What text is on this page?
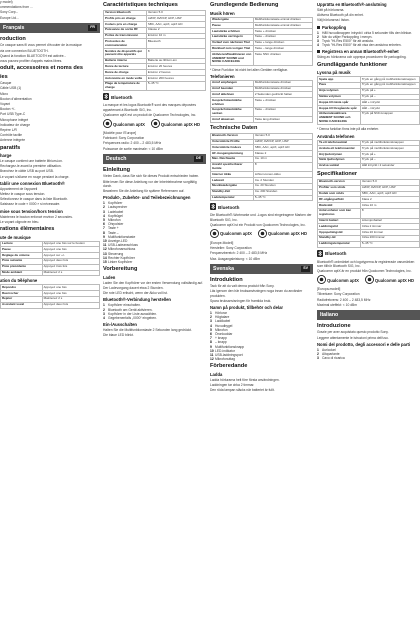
y model)
ommendations from ...
Sony Corp...
Europe Ltd...
Français	FR
roduction
Ce casque sans fil vous permet d'écouter de la musique
via une connexion BLUETOOTH.
Quand la fonction BLUETOOTH est activée...
vous pouvez profiter d'appels mains libres.
oduit, accessoires et noms des
ies
Casque
Câble USB (1)
Micro
Bouton d'alimentation
Voyant
Bouton +/-
Port USB Type-C
Microphone intégré
Indicateur de charge
Repère L/R
Contrôle tactile
Antenne intégrée
paratifs
harge
Le casque contient une batterie lithium-ion.
Rechargez-le avant la première utilisation.
Branchez le câble USB au port USB.
Le voyant s'allume en rouge pendant la charge.
tablir une connexion Bluetooth®
Appariement de l'appareil
Mettez le casque sous tension.
Sélectionnez le casque dans la liste Bluetooth.
Saisissez le code « 0000 » si nécessaire.
mise sous tension/hors tension
Maintenez le bouton enfoncé environ 2 secondes.
Le voyant clignote en bleu.
rations élémentaires
ute de musique
Lecture	Appuyez une fois sur le bouton
Pause	Appuyez une fois
Réglage du volume	Appuyez sur +/-
Piste suivante	Appuyez deux fois
Piste précédente	Appuyez trois fois
Mode ambiant	Maintenez 2 s
ation du téléphone
Répondre	Appuyez une fois
Raccrocher	Appuyez une fois
Rejeter	Maintenez 2 s
Assistant vocal	Appuyez deux fois
Caractéristiques techniques
Version Bluetooth	Version 5.0
Profils pris en charge	A2DP, AVRCP, HFP, HSP
Codecs pris en charge	SBC, AAC, aptX, aptX HD
Puissance de sortie RF	Classe 2
Portée de transmission	Environ 10 m
Protocoles de communication	Bluetooth
Nombre de dispositifs qui peuvent être appariés	8
Batterie interne	Batterie au lithium-ion
Durée de lecture	Environ 20 heures
Durée de charge	Environ 2 heures
Autonomie en mode veille	Environ 200 heures
Plage de température de charge	5–45 °C
Bluetooth
La marque et les logos Bluetooth® sont des marques déposées appartenant à Bluetooth SIG, Inc.
Qualcomm aptX est un produit de Qualcomm Technologies, Inc.
Qualcomm aptX	Qualcomm aptX HD
[Modèle pour l'Europe]
Fabricant: Sony Corporation
Fréquences radio: 2 400 – 2 483,5 MHz
Puissance de sortie maximale: < 10 dBm
Deutsch	DE
Einleitung
Vielen Dank, dass Sie sich für dieses Produkt entschieden haben.
Bitte lesen Sie diese Anleitung vor der Inbetriebnahme sorgfältig durch.
Bewahren Sie die Anleitung für spätere Referenzen auf.
Produkt-, Zubehör- und Teilebezeichnungen
1 Kopfhörer
2 Lautsprecher
3 Ladekabel
4 Kopfbügel
5 Mikrofon
6 Ohrpolster
7 Taste +
8 Taste –
9 Multifunktionstaste
10Anzeige-LED
11 USB-Ladeanschluss
12Mikrofonanschluss
13Steuerung
14Rechter Kopfhörer
15Linker Kopfhörer
Vorbereitung
Laden
Laden Sie den Kopfhörer vor der ersten Verwendung vollständig auf.
Der Ladevorgang dauert etwa 2 Stunden.
Die rote LED erlischt, wenn der Akku voll ist.
Bluetooth®-Verbindung herstellen
1 Kopfhörer einschalten.
2 Bluetooth am Gerät aktivieren.
3 Kopfhörer in der Liste auswählen.
4 Gegebenenfalls „0000“ eingeben.
Ein-/Ausschalten
Halten Sie die Multifunktionstaste 2 Sekunden lang gedrückt.
Die blaue LED blinkt.
Grundlegende Bedienung
Musik hören
Wiedergabe	Multifunktionstaste einmal drücken
Pause	Multifunktionstaste einmal drücken
Lautstärke erhöhen	Taste + drücken
Lautstärke verringern	Taste – drücken
Vorlauf zum nächsten Titel	Taste + lange drücken
Rücklauf zum vorigen Titel	Taste – lange drücken
Aktivieren/Deaktivieren von AMBIENT SOUND und NOISE CANCELING	Taste NNC drücken
* Diese Funktion ist nicht bei allen Geräten verfügbar.
Telefonieren
Anruf empfangen	Multifunktionstaste drücken
Anruf beenden	Multifunktionstaste drücken
Anruf ablehnen	2 Sekunden gedrückt halten
Gesprächslautstärke erhöhen	Taste + drücken
Gesprächslautstärke senken	Taste – drücken
Anruf abweisen	Taste lang drücken
Technische Daten
Bluetooth-Version	Version 5.0
Unterstützte Profile	A2DP, AVRCP, HFP, HSP
Unterstützte Codecs	SBC, AAC, aptX, aptX HD
HF-Ausgangsleistung	Klasse 2
Max. Reichweite	Ca. 10 m
Anzahl speicherbarer Geräte	8
Interner Akku	Lithium-Ionen-Akku
Ladezeit	Ca. 2 Stunden
Musikwiedergabe	Ca. 20 Stunden
Standby-Zeit	Ca. 200 Stunden
Ladetemperatur	5–45 °C
Bluetooth
Die Bluetooth®-Wortmarke und -Logos sind eingetragene Marken der Bluetooth SIG, Inc.
Qualcomm aptX ist ein Produkt von Qualcomm Technologies, Inc.
Qualcomm aptX	Qualcomm aptX HD
[Europe-Modell]
Hersteller: Sony Corporation
Frequenzbereich: 2 400 – 2 483,5 MHz
Max. Ausgangsleistung: < 10 dBm
Svenska	SV
Introduktion
Tack för att du valt denna produkt från Sony.
Läs igenom den här bruksanvisningen noga innan du använder produkten.
Spara bruksanvisningen för framtida bruk.
Namn på produkt, tillbehör och delar
1 Hörlurar
2 Högtalare
3 Laddkabel
4 Huvudbygel
5 Mikrofon
6 Öronkuddar
7 + knapp
8 – knapp
9 Multifunktionsknapp
10LED-indikator
11 USB-laddningsport
12Mikrofonuttag
Förberedande
Ladda
Ladda hörlurarna helt före första användningen.
Laddningen tar cirka 2 timmar.
Den röda lampan släcks när batteriet är fullt.
Upprätta en Bluetooth®-anslutning
Sätt på hörlurarna.
Aktivera Bluetooth på din enhet.
Välj hörlurarna i listan.
Parkoppling
1 Håll huvudknappen intryckt i cirka 5 sekunder tills den blinkar.
2 När du väljer Parkoppling i menyn.
3 Tryck "Hi-Res E500" för att ansluta.
4 Tryck "Hi-Res E500" för att visa den anslutna enheten.
Registrera en annan Bluetooth®-enhet
Stäng av hörlurarna och upprepa proceduren för parkoppling.
Grundläggande funktioner
Lyssna på musik
Spela upp	Tryck en gång på multifunktionsknappen
Paus	Tryck en gång på multifunktionsknappen
Höja volymen	Tryck på +
Sänka volymen	Tryck på –
Hoppa till nästa spår	Håll + intryckt
Hoppa till föregående spår	Håll – intryckt
Aktivera/avaktivera AMBIENT SOUND och NOISE CANCELING	Tryck på NNC-knappen
* Denna funktion finns inte på alla enheter.
Använda telefonen
Ta ett telefonsamtal	Tryck på multifunktionsknappen
Avsluta ett telefonsamtal	Tryck på multifunktionsknappen
Höj ljudvolymen	Tryck på +
Sänk ljudvolymen	Tryck på –
Avvisa samtal	Håll intryckt i 2 sekunder
Specifikationer
Bluetooth-version	Version 5.0
Profiler som stöds	A2DP, AVRCP, HFP, HSP
Kodek som stöds	SBC, AAC, aptX, aptX HD
RF-utgångseffekt	Klass 2
Räckvidd	Cirka 10 m
Antal enheter som kan registreras	8
Internt batteri	Litiumjonbatteri
Laddningstid	Cirka 2 timmar
Uppspelningstid	Cirka 20 timmar
Standby-tid	Cirka 200 timmar
Laddningstemperatur	5–45 °C
Bluetooth
Bluetooth®-ordmärket och logotyperna är registrerade varumärken som tillhör Bluetooth SIG, Inc.
Qualcomm aptX är en produkt från Qualcomm Technologies, Inc.
Qualcomm aptX	Qualcomm aptX HD
[Europa-modell]
Tillverkare: Sony Corporation
Radiofrekvens: 2 400 – 2 483,5 MHz
Maximal uteffekt: < 10 dBm
Italiano
Introduzione
Grazie per aver acquistato questo prodotto Sony.
Leggere attentamente le istruzioni prima dell'uso.
Nomi del prodotto, degli accessori e delle parti
1 Auricolari
2 Altoparlante
3 Cavo di ricarica
